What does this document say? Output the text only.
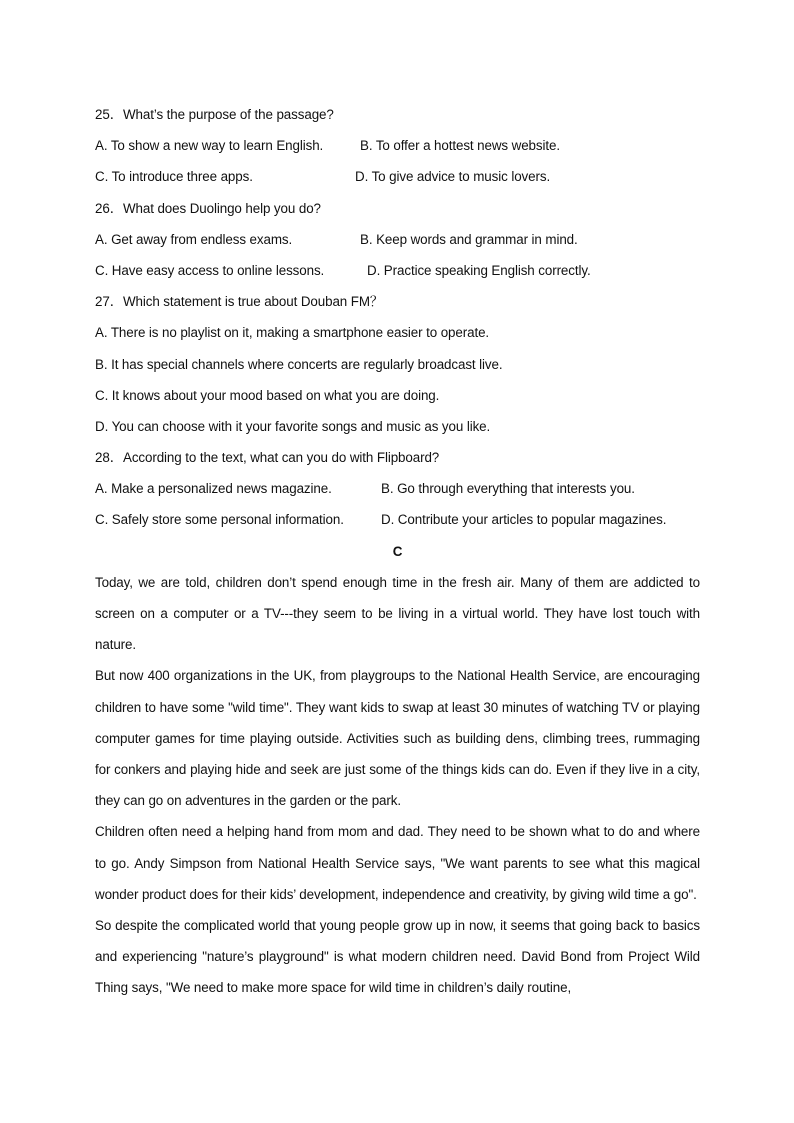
25．What’s the purpose of the passage?
A. To show a new way to learn English.	B. To offer a hottest news website.
C. To introduce three apps.	D. To give advice to music lovers.
26．What does Duolingo help you do?
A. Get away from endless exams.	B. Keep words and grammar in mind.
C. Have easy access to online lessons.	D. Practice speaking English correctly.
27．Which statement is true about Douban FM？
A. There is no playlist on it, making a smartphone easier to operate.
B. It has special channels where concerts are regularly broadcast live.
C. It knows about your mood based on what you are doing.
D. You can choose with it your favorite songs and music as you like.
28．According to the text, what can you do with Flipboard?
A. Make a personalized news magazine.	B. Go through everything that interests you.
C. Safely store some personal information.	D. Contribute your articles to popular magazines.
C
Today, we are told, children don’t spend enough time in the fresh air. Many of them are addicted to screen on a computer or a TV---they seem to be living in a virtual world. They have lost touch with nature.
But now 400 organizations in the UK, from playgroups to the National Health Service, are encouraging children to have some "wild time". They want kids to swap at least 30 minutes of watching TV or playing computer games for time playing outside. Activities such as building dens, climbing trees, rummaging for conkers and playing hide and seek are just some of the things kids can do. Even if they live in a city, they can go on adventures in the garden or the park.
Children often need a helping hand from mom and dad. They need to be shown what to do and where to go. Andy Simpson from National Health Service says, "We want parents to see what this magical wonder product does for their kids’ development, independence and creativity, by giving wild time a go".
So despite the complicated world that young people grow up in now, it seems that going back to basics and experiencing "nature’s playground" is what modern children need. David Bond from Project Wild Thing says, "We need to make more space for wild time in children’s daily routine,
